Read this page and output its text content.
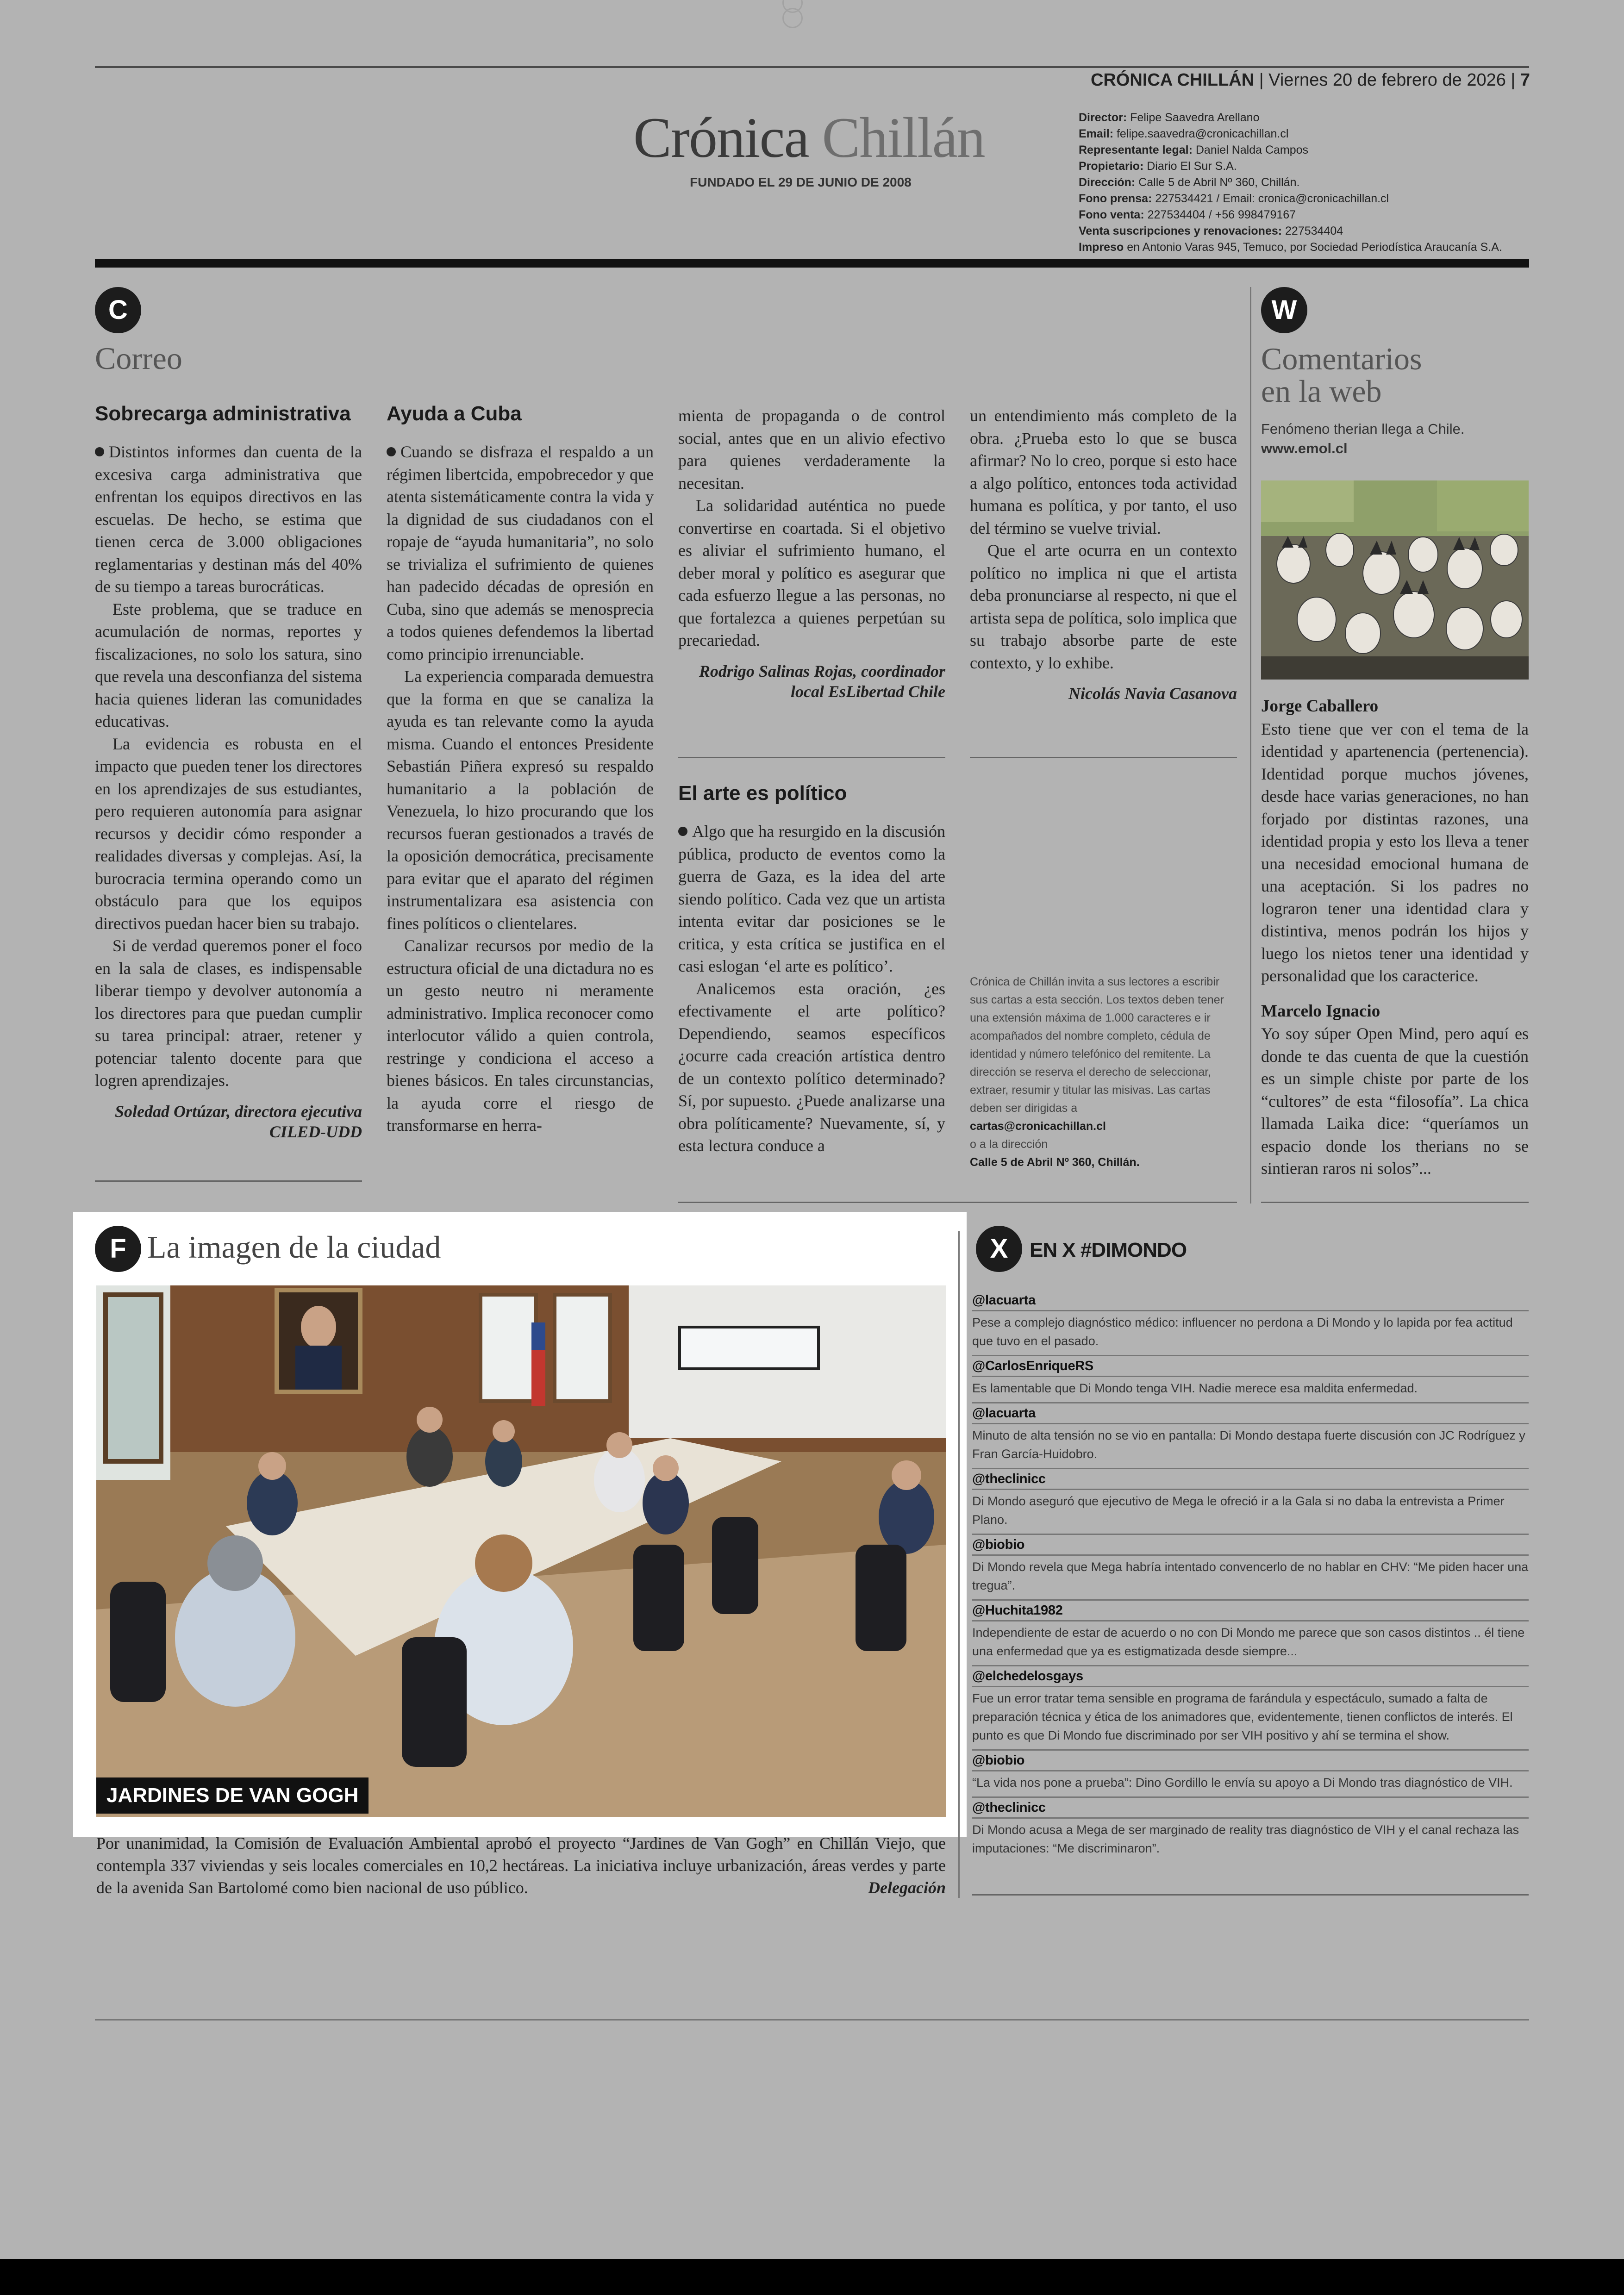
CRÓNICA CHILLÁN | Viernes 20 de febrero de 2026 | 7
Crónica Chillán
FUNDADO EL 29 DE JUNIO DE 2008
Director: Felipe Saavedra Arellano
Email: felipe.saavedra@cronicachillan.cl
Representante legal: Daniel Nalda Campos
Propietario: Diario El Sur S.A.
Dirección: Calle 5 de Abril Nº 360, Chillán.
Fono prensa: 227534421 / Email: cronica@cronicachillan.cl
Fono venta: 227534404 / +56 998479167
Venta suscripciones y renovaciones: 227534404
Impreso en Antonio Varas 945, Temuco, por Sociedad Periodística Araucanía S.A.
C
Correo
Sobrecarga administrativa

Distintos informes dan cuenta de la excesiva carga administrativa que enfrentan los equipos directivos en las escuelas. De hecho, se estima que tienen cerca de 3.000 obligaciones reglamentarias y destinan más del 40% de su tiempo a tareas burocráticas.

Este problema, que se traduce en acumulación de normas, reportes y fiscalizaciones, no solo los satura, sino que revela una desconfianza del sistema hacia quienes lideran las comunidades educativas.

La evidencia es robusta en el impacto que pueden tener los directores en los aprendizajes de sus estudiantes, pero requieren autonomía para asignar recursos y decidir cómo responder a realidades diversas y complejas. Así, la burocracia termina operando como un obstáculo para que los equipos directivos puedan hacer bien su trabajo.

Si de verdad queremos poner el foco en la sala de clases, es indispensable liberar tiempo y devolver autonomía a los directores para que puedan cumplir su tarea principal: atraer, retener y potenciar talento docente para que logren aprendizajes.

Soledad Ortúzar, directora ejecutiva CILED-UDD

Ayuda a Cuba

Cuando se disfraza el respaldo a un régimen libertcida, empobrecedor y que atenta sistemáticamente contra la vida y la dignidad de sus ciudadanos con el ropaje de “ayuda humanitaria”, no solo se trivializa el sufrimiento de quienes han padecido décadas de opresión en Cuba, sino que además se menosprecia a todos quienes defendemos la libertad como principio irrenunciable.

La experiencia comparada demuestra que la forma en que se canaliza la ayuda es tan relevante como la ayuda misma. Cuando el entonces Presidente Sebastián Piñera expresó su respaldo humanitario a la población de Venezuela, lo hizo procurando que los recursos fueran gestionados a través de la oposición democrática, precisamente para evitar que el aparato del régimen instrumentalizara esa asistencia con fines políticos o clientelares.

Canalizar recursos por medio de la estructura oficial de una dictadura no es un gesto neutro ni meramente administrativo. Implica reconocer como interlocutor válido a quien controla, restringe y condiciona el acceso a bienes básicos. En tales circunstancias, la ayuda corre el riesgo de transformarse en herra-

mienta de propaganda o de control social, antes que en un alivio efectivo para quienes verdaderamente la necesitan.

La solidaridad auténtica no puede convertirse en coartada. Si el objetivo es aliviar el sufrimiento humano, el deber moral y político es asegurar que cada esfuerzo llegue a las personas, no que fortalezca a quienes perpetúan su precariedad.

Rodrigo Salinas Rojas, coordinador local EsLibertad Chile

El arte es político

Algo que ha resurgido en la discusión pública, producto de eventos como la guerra de Gaza, es la idea del arte siendo político. Cada vez que un artista intenta evitar dar posiciones se le critica, y esta crítica se justifica en el casi eslogan ‘el arte es político’.

Analicemos esta oración, ¿es efectivamente el arte político? Dependiendo, seamos específicos ¿ocurre cada creación artística dentro de un contexto político determinado? Sí, por supuesto. ¿Puede analizarse una obra políticamente? Nuevamente, sí, y esta lectura conduce a

un entendimiento más completo de la obra. ¿Prueba esto lo que se busca afirmar? No lo creo, porque si esto hace a algo político, entonces toda actividad humana es política, y por tanto, el uso del término se vuelve trivial.

Que el arte ocurra en un contexto político no implica ni que el artista deba pronunciarse al respecto, ni que el artista sepa de política, solo implica que su trabajo absorbe parte de este contexto, y lo exhibe.

Nicolás Navia Casanova

Crónica de Chillán invita a sus lectores a escribir sus cartas a esta sección. Los textos deben tener una extensión máxima de 1.000 caracteres e ir acompañados del nombre completo, cédula de identidad y número telefónico del remitente. La dirección se reserva el derecho de seleccionar, extraer, resumir y titular las misivas. Las cartas deben ser dirigidas a
cartas@cronicachillan.cl
o a la dirección
Calle 5 de Abril Nº 360, Chillán.
W
Comentarios
en la web
Fenómeno therian llega a Chile.
www.emol.cl
Jorge Caballero

Esto tiene que ver con el tema de la identidad y apartenencia (pertenencia). Identidad porque muchos jóvenes, desde hace varias generaciones, no han forjado por distintas razones, una identidad propia y esto los lleva a tener una necesidad emocional humana de una aceptación. Si los padres no lograron tener una identidad clara y distintiva, menos podrán los hijos y luego los nietos tener una identidad y personalidad que los caracterice.

Marcelo Ignacio

Yo soy súper Open Mind, pero aquí es donde te das cuenta de que la cuestión es un simple chiste por parte de los “cultores” de esta “filosofía”. La chica llamada Laika dice: “queríamos un espacio donde los therians no se sintieran raros ni solos”...

F La imagen de la ciudad
JARDINES DE VAN GOGH
Por unanimidad, la Comisión de Evaluación Ambiental aprobó el proyecto “Jardines de Van Gogh” en Chillán Viejo, que contempla 337 viviendas y seis locales comerciales en 10,2 hectáreas. La iniciativa incluye urbanización, áreas verdes y parte de la avenida San Bartolomé como bien nacional de uso público.	Delegación
X	EN X #DIMONDO
@lacuarta
Pese a complejo diagnóstico médico: influencer no perdona a Di Mondo y lo lapida por fea actitud que tuvo en el pasado.
@CarlosEnriqueRS
Es lamentable que Di Mondo tenga VIH. Nadie merece esa maldita enfermedad.
@lacuarta
Minuto de alta tensión no se vio en pantalla: Di Mondo destapa fuerte discusión con JC Rodríguez y Fran García-Huidobro.
@theclinicc
Di Mondo aseguró que ejecutivo de Mega le ofreció ir a la Gala si no daba la entrevista a Primer Plano.
@biobio
Di Mondo revela que Mega habría intentado convencerlo de no hablar en CHV: “Me piden hacer una tregua”.
@Huchita1982
Independiente de estar de acuerdo o no con Di Mondo me parece que son casos distintos .. él tiene una enfermedad que ya es estigmatizada desde siempre...
@elchedelosgays
Fue un error tratar tema sensible en programa de farándula y espectáculo, sumado a falta de preparación técnica y ética de los animadores que, evidentemente, tienen conflictos de interés. El punto es que Di Mondo fue discriminado por ser VIH positivo y ahí se termina el show.
@biobio
“La vida nos pone a prueba”: Dino Gordillo le envía su apoyo a Di Mondo tras diagnóstico de VIH.
@theclinicc
Di Mondo acusa a Mega de ser marginado de reality tras diagnóstico de VIH y el canal rechaza las imputaciones: “Me discriminaron”.
